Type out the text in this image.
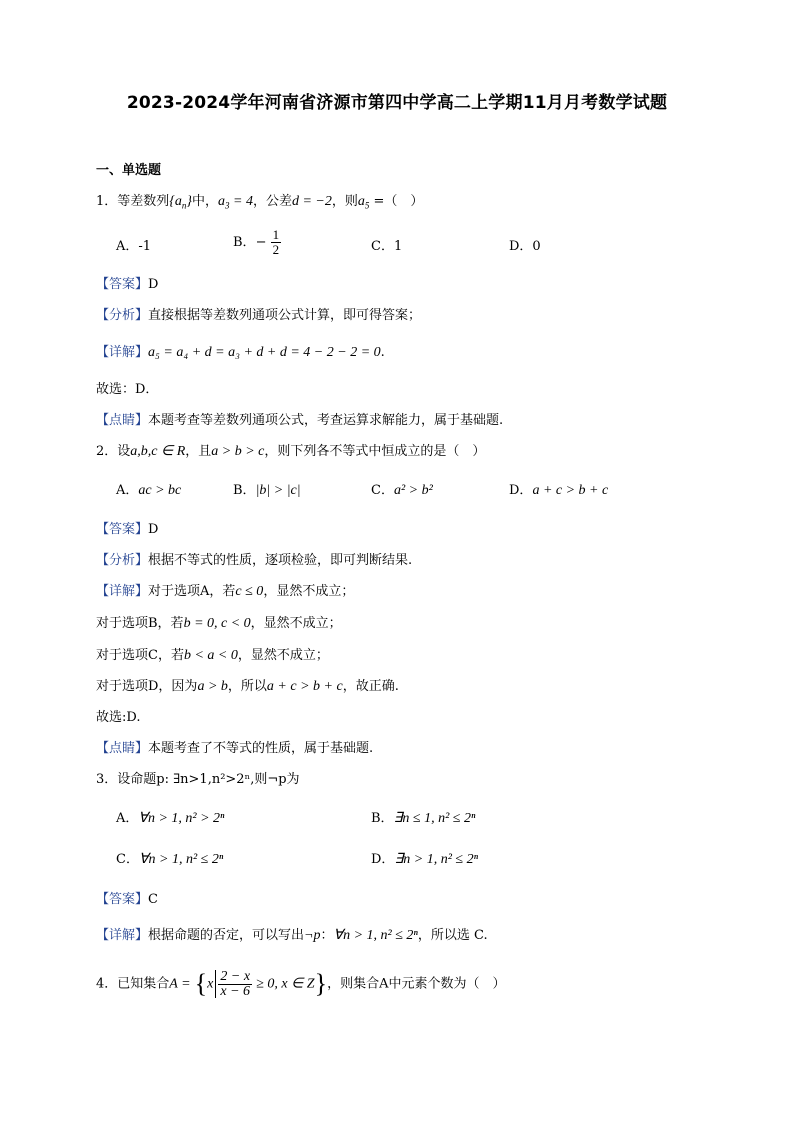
2023-2024学年河南省济源市第四中学高二上学期11月月考数学试题
一、单选题
1．等差数列$\{a_n\}$中，$a_3 = 4$，公差d = −2，则$a_5$ =（　）
A．-1	B．− $\frac{1}{2}$	C．1	D．0
【答案】D
【分析】直接根据等差数列通项公式计算，即可得答案；
【详解】a₅ = a₄ + d = a₃ + d + d = 4 − 2 − 2 = 0.
故选：D．
【点睛】本题考查等差数列通项公式，考查运算求解能力，属于基础题.
2．设a,b,c ∈ R，且a > b > c，则下列各不等式中恒成立的是（　）
A．ac > bc	B．|b| > |c|	C．a² > b²	D．a + c > b + c
【答案】D
【分析】根据不等式的性质，逐项检验，即可判断结果.
【详解】对于选项A，若c ≤ 0，显然不成立；
对于选项B，若b = 0, c < 0，显然不成立；
对于选项C，若b < a < 0，显然不成立；
对于选项D，因为a > b，所以a + c > b + c，故正确.
故选:D.
【点睛】本题考查了不等式的性质，属于基础题.
3．设命题p: ∃n>1,n²>2ⁿ,则¬p为
A．∀n > 1, n² > 2ⁿ	B．∃n ≤ 1, n² ≤ 2ⁿ
C．∀n > 1, n² ≤ 2ⁿ	D．∃n > 1, n² ≤ 2ⁿ
【答案】C
【详解】根据命题的否定，可以写出¬p：∀n > 1, n² ≤ 2ⁿ，所以选 C.
4．已知集合$A = \{x \frac{2 - x}{x - 6} \ge 0$, x ∈ Z}，则集合A中元素个数为（　）
